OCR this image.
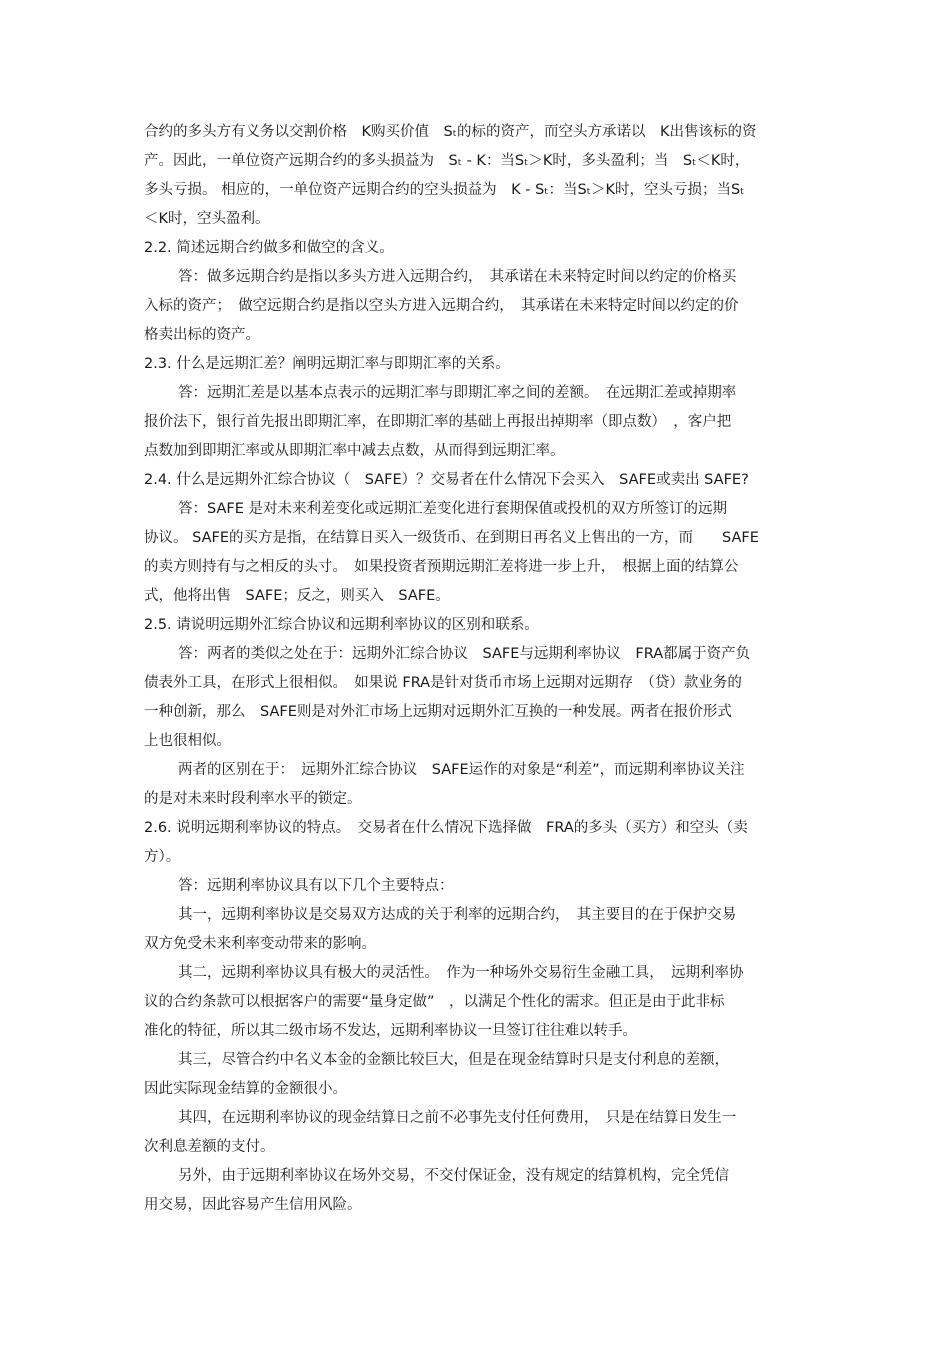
合约的多头方有义务以交割价格　K购买价值　Sₜ的标的资产，而空头方承诺以　K出售该标的资
产。因此，一单位资产远期合约的多头损益为　Sₜ - K：当Sₜ＞K时，多头盈利；当　Sₜ＜K时，
多头亏损。 相应的，一单位资产远期合约的空头损益为　K - Sₜ：当Sₜ＞K时，空头亏损；当Sₜ
＜K时，空头盈利。
2.2. 简述远期合约做多和做空的含义。
答：做多远期合约是指以多头方进入远期合约，　其承诺在未来特定时间以约定的价格买
入标的资产；　做空远期合约是指以空头方进入远期合约，　其承诺在未来特定时间以约定的价
格卖出标的资产。
2.3. 什么是远期汇差？阐明远期汇率与即期汇率的关系。
答：远期汇差是以基本点表示的远期汇率与即期汇率之间的差额。　在远期汇差或掉期率
报价法下，银行首先报出即期汇率，在即期汇率的基础上再报出掉期率（即点数）　，客户把
点数加到即期汇率或从即期汇率中减去点数，从而得到远期汇率。
2.4. 什么是远期外汇综合协议（　SAFE）？交易者在什么情况下会买入　SAFE或卖出 SAFE?
答：SAFE 是对未来利差变化或远期汇差变化进行套期保值或投机的双方所签订的远期
协议。 SAFE的买方是指，在结算日买入一级货币、在到期日再名义上售出的一方，而　　SAFE
的卖方则持有与之相反的头寸。　如果投资者预期远期汇差将进一步上升，　根据上面的结算公
式，他将出售　SAFE；反之，则买入　SAFE。
2.5. 请说明远期外汇综合协议和远期利率协议的区别和联系。
答：两者的类似之处在于：远期外汇综合协议　SAFE与远期利率协议　FRA都属于资产负
债表外工具，在形式上很相似。　如果说 FRA是针对货币市场上远期对远期存　（贷）款业务的
一种创新，那么　SAFE则是对外汇市场上远期对远期外汇互换的一种发展。两者在报价形式
上也很相似。
两者的区别在于：　远期外汇综合协议　SAFE运作的对象是“利差”，而远期利率协议关注
的是对未来时段利率水平的锁定。
2.6. 说明远期利率协议的特点。　交易者在什么情况下选择做　FRA的多头（买方）和空头（卖
方）。
答：远期利率协议具有以下几个主要特点：
其一，远期利率协议是交易双方达成的关于利率的远期合约，　其主要目的在于保护交易
双方免受未来利率变动带来的影响。
其二，远期利率协议具有极大的灵活性。　作为一种场外交易衍生金融工具，　远期利率协
议的合约条款可以根据客户的需要“量身定做”　，以满足个性化的需求。但正是由于此非标
准化的特征，所以其二级市场不发达，远期利率协议一旦签订往往难以转手。
其三，尽管合约中名义本金的金额比较巨大，但是在现金结算时只是支付利息的差额，
因此实际现金结算的金额很小。
其四，在远期利率协议的现金结算日之前不必事先支付任何费用，　只是在结算日发生一
次利息差额的支付。
另外，由于远期利率协议在场外交易，不交付保证金，没有规定的结算机构，完全凭信
用交易，因此容易产生信用风险。
